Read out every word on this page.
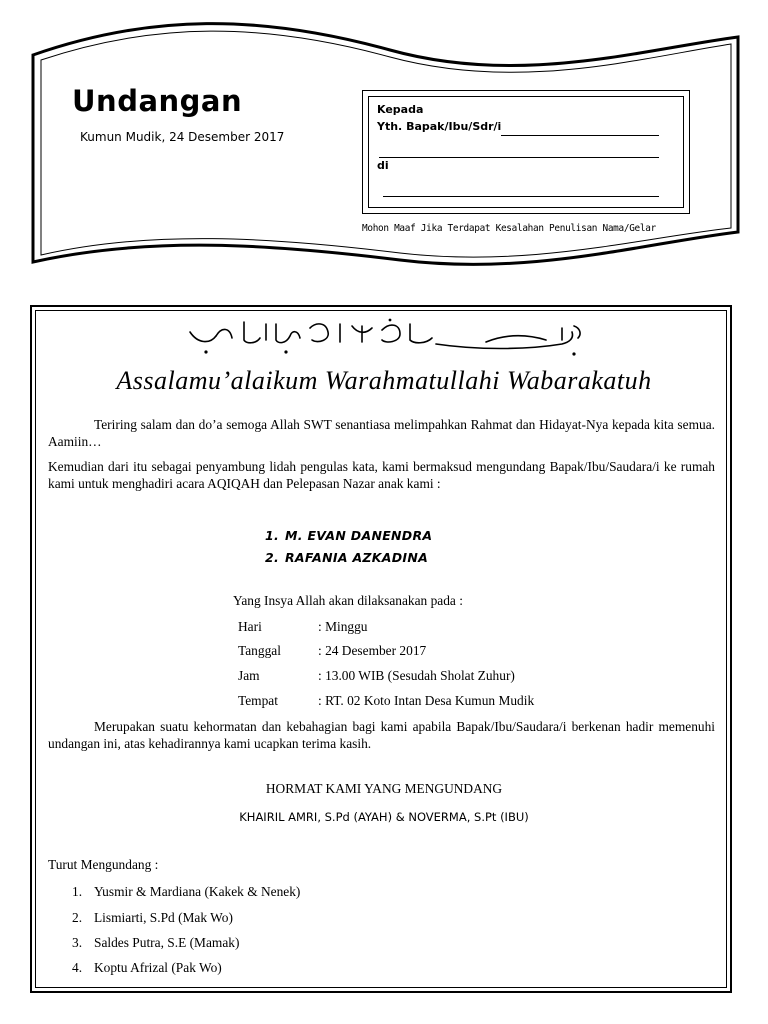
Undangan
Kumun Mudik, 24 Desember 2017
Kepada
Yth. Bapak/Ibu/Sdr/i
di
Mohon Maaf Jika Terdapat Kesalahan Penulisan Nama/Gelar
Assalamu’alaikum Warahmatullahi Wabarakatuh
Teriring salam dan do’a semoga Allah SWT senantiasa melimpahkan Rahmat dan Hidayat-Nya kepada kita semua. Aamiin…
Kemudian dari itu sebagai penyambung lidah pengulas kata, kami bermaksud mengundang Bapak/Ibu/Saudara/i ke rumah kami untuk menghadiri acara AQIQAH dan Pelepasan Nazar anak kami :
1. M. EVAN DANENDRA
2. RAFANIA AZKADINA
Yang Insya Allah akan dilaksanakan pada :
Hari	: Minggu
Tanggal	: 24 Desember 2017
Jam	: 13.00 WIB (Sesudah Sholat Zuhur)
Tempat	: RT. 02 Koto Intan Desa Kumun Mudik
Merupakan suatu kehormatan dan kebahagian bagi kami apabila Bapak/Ibu/Saudara/i berkenan hadir memenuhi undangan ini, atas kehadirannya kami ucapkan terima kasih.
HORMAT KAMI YANG MENGUNDANG
KHAIRIL AMRI, S.Pd (AYAH) & NOVERMA, S.Pt (IBU)
Turut Mengundang :
1. Yusmir & Mardiana (Kakek & Nenek)
2. Lismiarti, S.Pd (Mak Wo)
3. Saldes Putra, S.E (Mamak)
4. Koptu Afrizal (Pak Wo)
